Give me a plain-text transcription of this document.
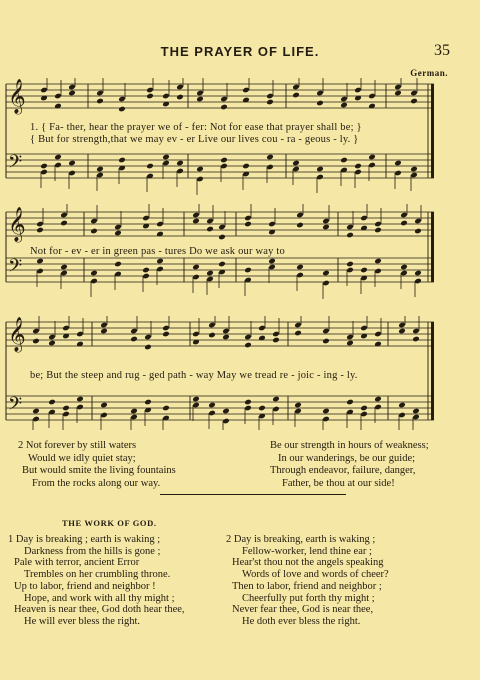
THE PRAYER OF LIFE.	35
German.
𝄞
𝄢
1. { Fa- ther, hear the prayer we of - fer: Not for ease that prayer shall be; }
{ But for strength,that we may ev - er Live our lives cou - ra - geous - ly. }
𝄞
𝄢
Not for - ev - er in green pas - tures Do we ask our way to
𝄞
𝄢
be; But the steep and rug - ged path - way May we tread re - joic - ing - ly.
2 Not forever by still waters
Would we idly quiet stay;
But would smite the living fountains
From the rocks along our way.
Be our strength in hours of weakness;
In our wanderings, be our guide;
Through endeavor, failure, danger,
Father, be thou at our side!
THE WORK OF GOD.
1 Day is breaking ; earth is waking ;
Darkness from the hills is gone ;
Pale with terror, ancient Error
Trembles on her crumbling throne.
Up to labor, friend and neighbor !
Hope, and work with all thy might ;
Heaven is near thee, God doth hear thee,
He will ever bless the right.
2 Day is breaking, earth is waking ;
Fellow-worker, lend thine ear ;
Hear'st thou not the angels speaking
Words of love and words of cheer?
Then to labor, friend and neighbor ;
Cheerfully put forth thy might ;
Never fear thee, God is near thee,
He doth ever bless the right.
